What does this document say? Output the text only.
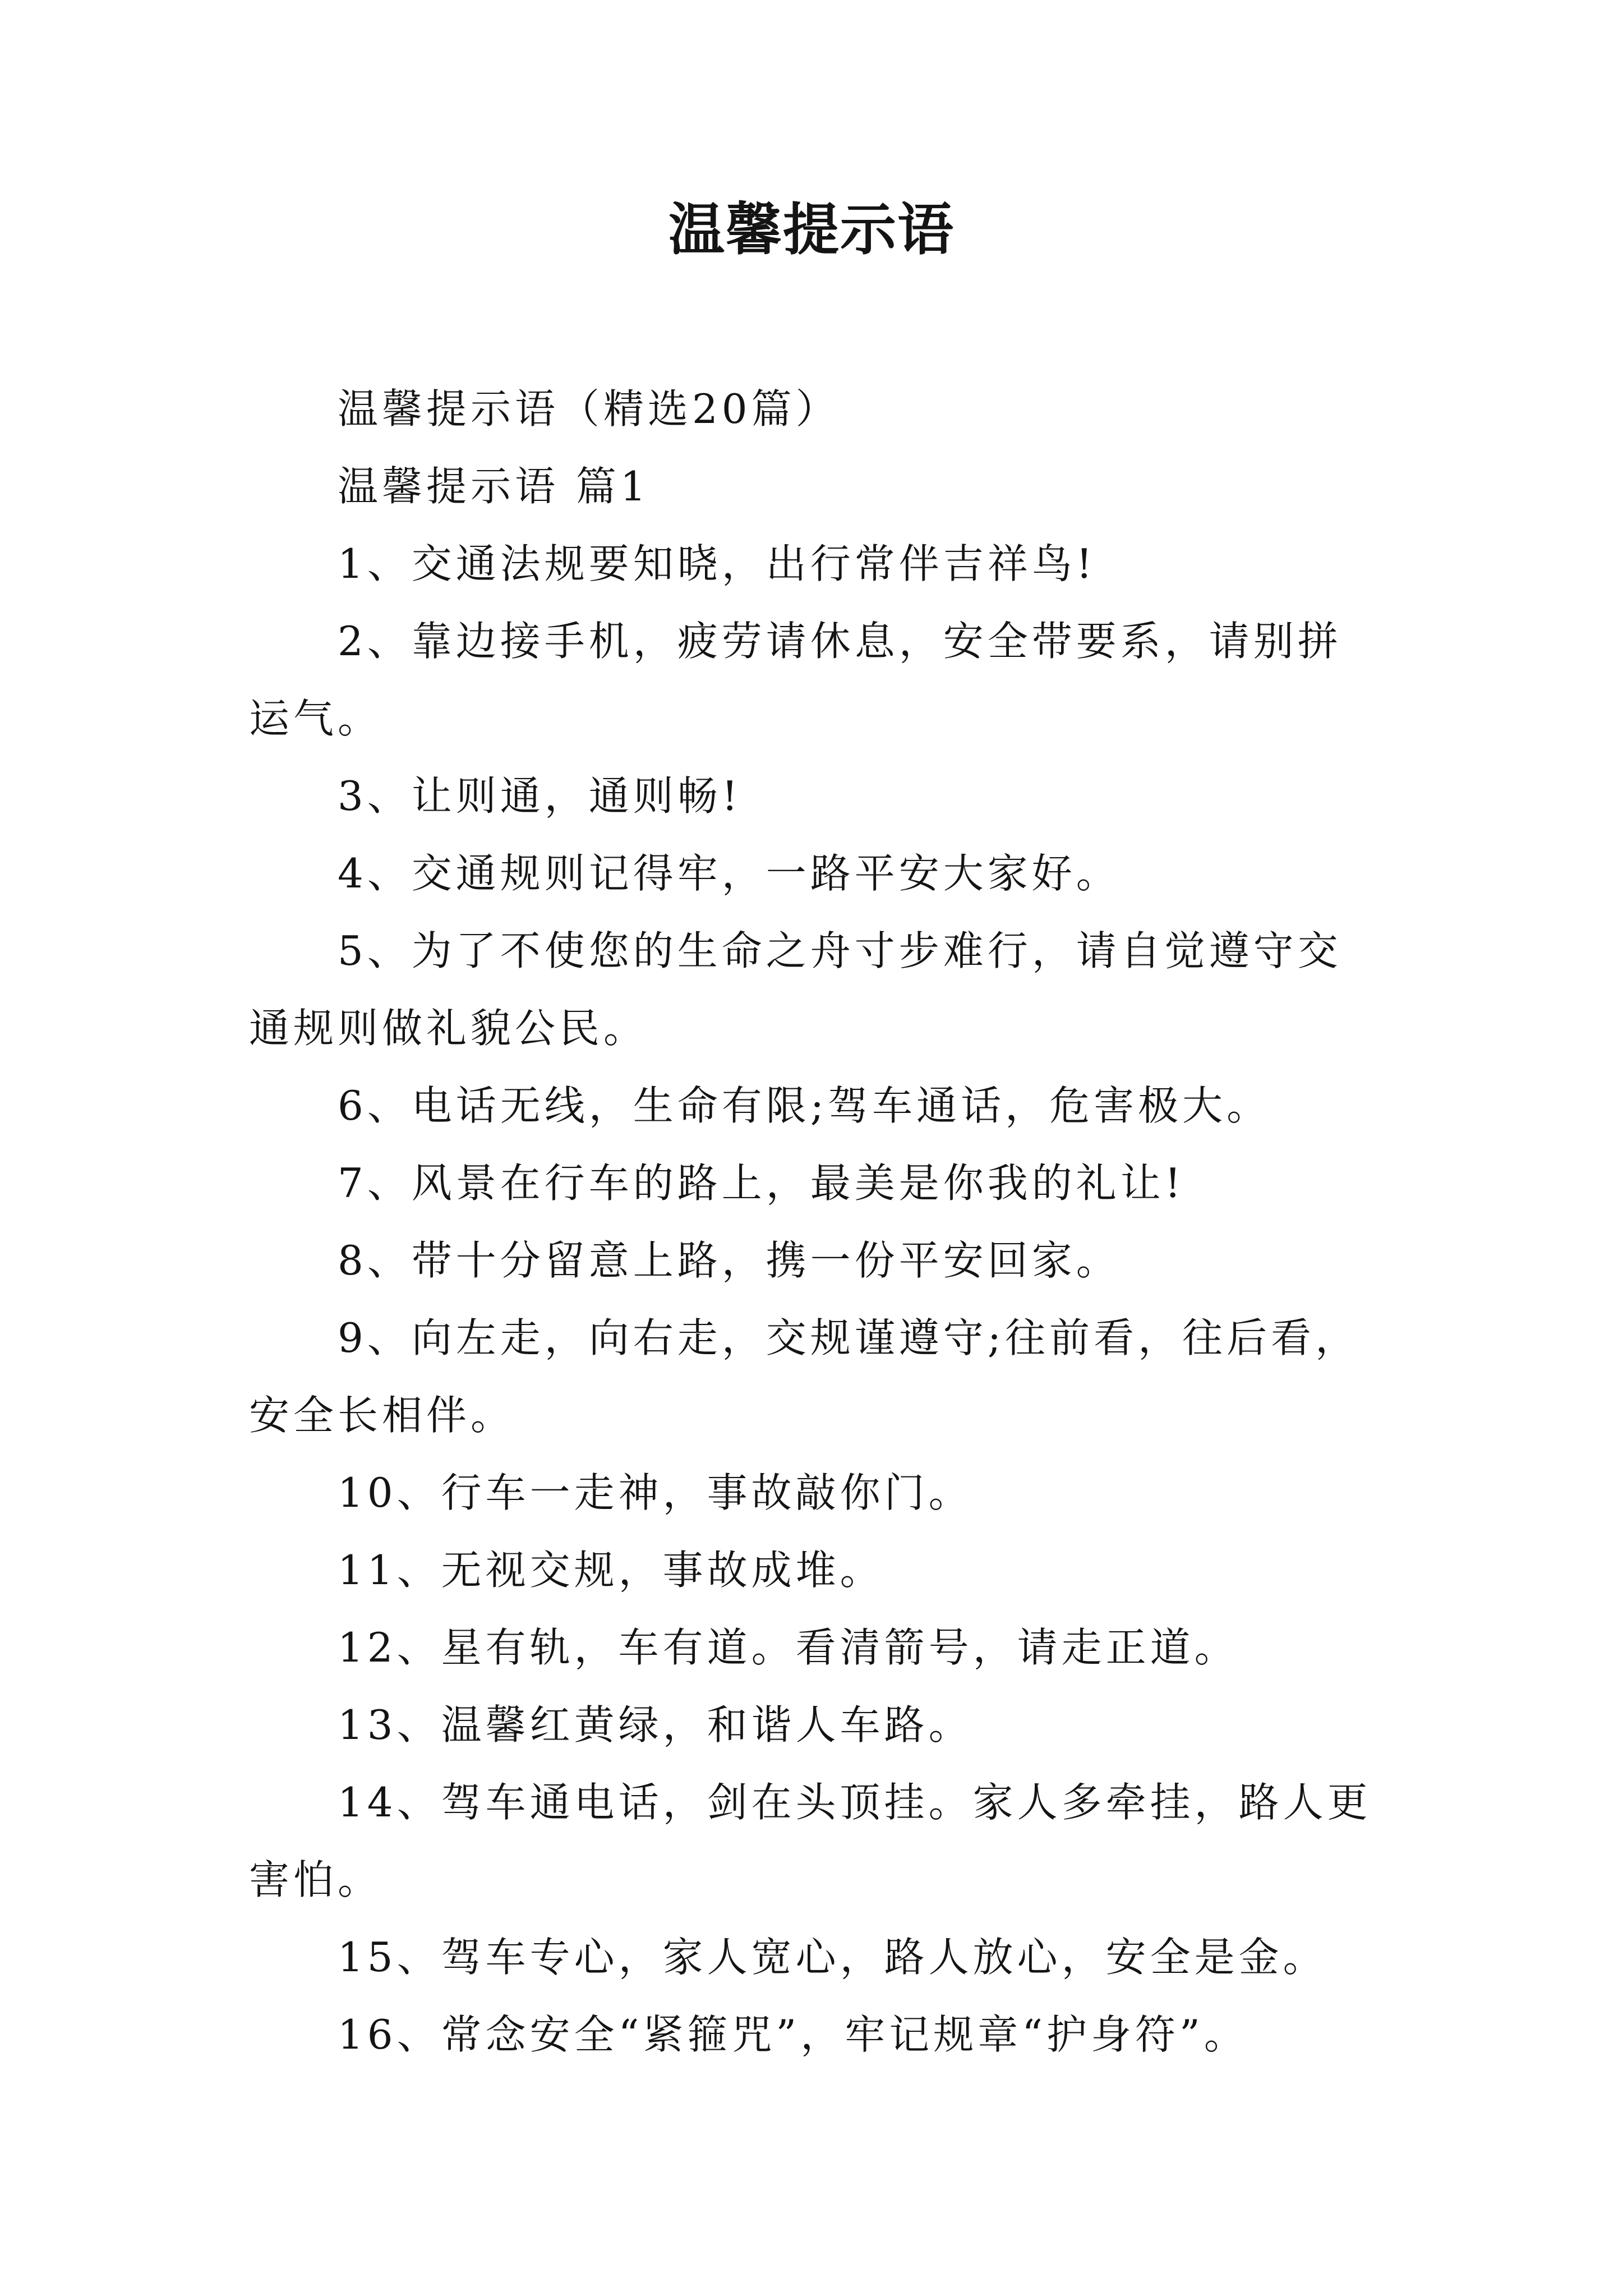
温馨提示语

温馨提示语（精选20篇）

温馨提示语 篇1

1、交通法规要知晓，出行常伴吉祥鸟!

2、靠边接手机，疲劳请休息，安全带要系，请别拼运气。

3、让则通，通则畅!

4、交通规则记得牢，一路平安大家好。

5、为了不使您的生命之舟寸步难行，请自觉遵守交通规则做礼貌公民。

6、电话无线，生命有限;驾车通话，危害极大。

7、风景在行车的路上，最美是你我的礼让!

8、带十分留意上路，携一份平安回家。

9、向左走，向右走，交规谨遵守;往前看，往后看，安全长相伴。

10、行车一走神，事故敲你门。

11、无视交规，事故成堆。

12、星有轨，车有道。看清箭号，请走正道。

13、温馨红黄绿，和谐人车路。

14、驾车通电话，剑在头顶挂。家人多牵挂，路人更害怕。

15、驾车专心，家人宽心，路人放心，安全是金。

16、常念安全“紧箍咒”，牢记规章“护身符”。
